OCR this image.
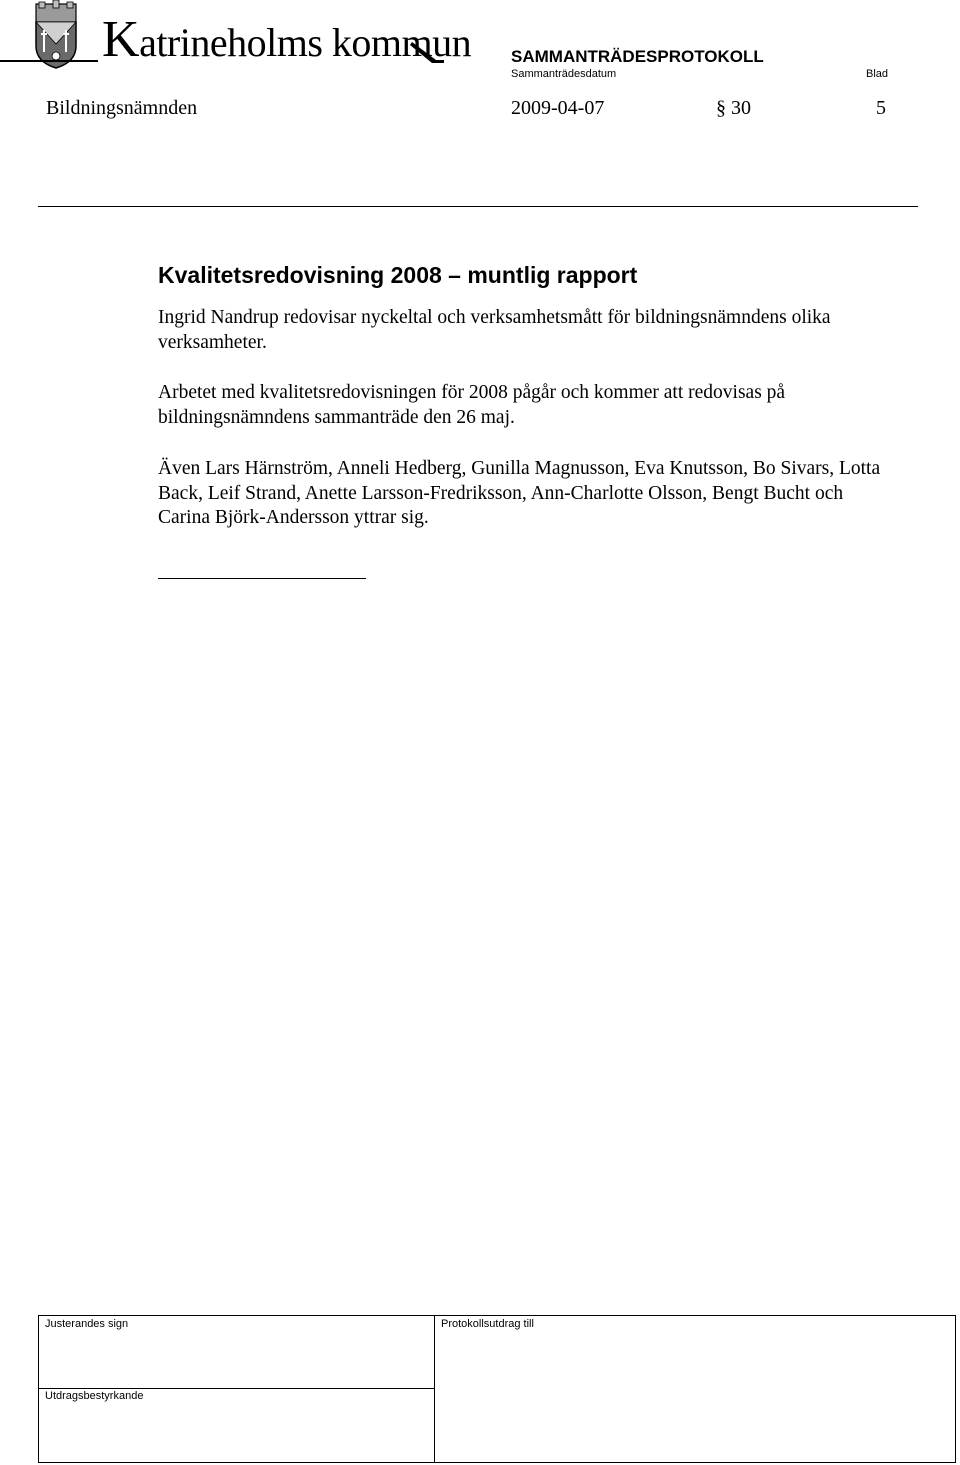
Katrineholms kommun SAMMANTRÄDESPROTOKOLL
Sammanträdesdatum	Blad
Bildningsnämnden	2009-04-07	§ 30	5
Kvalitetsredovisning 2008 – muntlig rapport
Ingrid Nandrup redovisar nyckeltal och verksamhetsmått för bildningsnämndens olika verksamheter.
Arbetet med kvalitetsredovisningen för 2008 pågår och kommer att redovisas på bildningsnämndens sammanträde den 26 maj.
Även Lars Härnström, Anneli Hedberg, Gunilla Magnusson, Eva Knutsson, Bo Sivars, Lotta Back, Leif Strand, Anette Larsson-Fredriksson, Ann-Charlotte Olsson, Bengt Bucht och Carina Björk-Andersson yttrar sig.
Justerandes sign	Protokollsutdrag till
Utdragsbestyrkande
